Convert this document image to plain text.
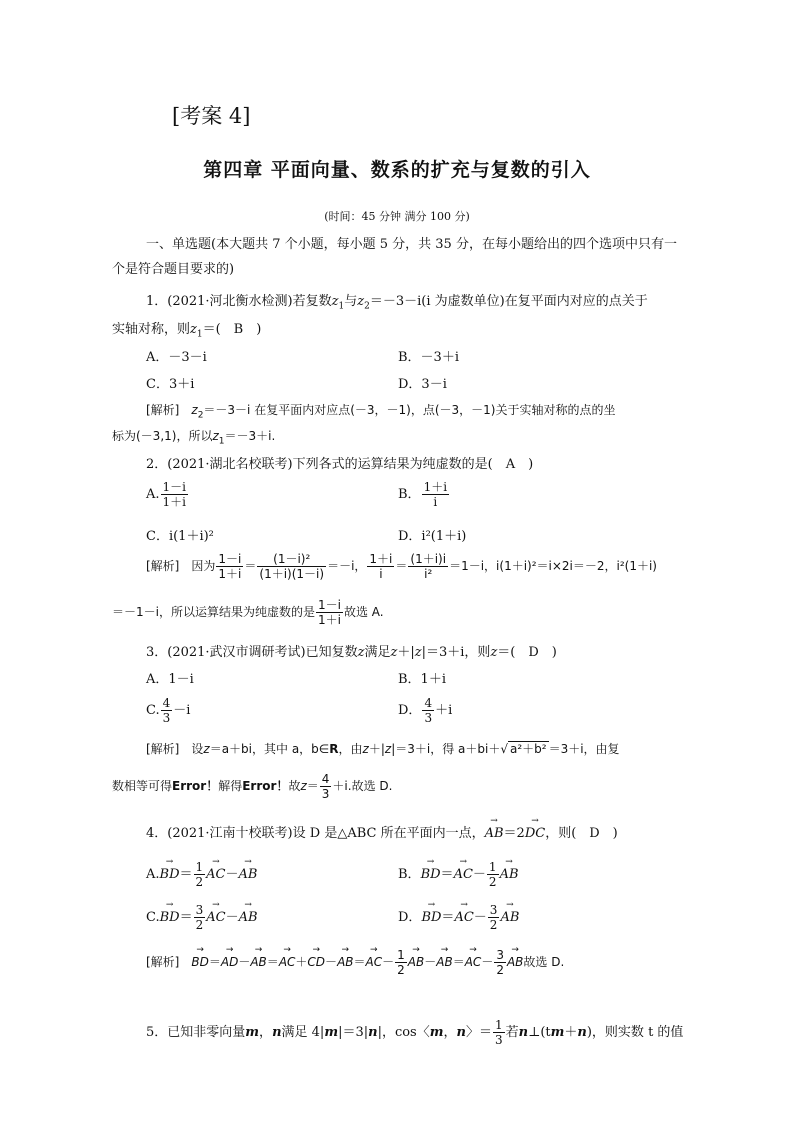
[考案 4]
第四章 平面向量、数系的扩充与复数的引入
(时间：45 分钟 满分 100 分)
一、单选题(本大题共 7 个小题，每小题 5 分，共 35 分，在每小题给出的四个选项中只有一个是符合题目要求的)
1．(2021·河北衡水检测)若复数$z_1$与$z_2=-3-i(i$ 为虚数单位)在复平面内对应的点关于
实轴对称，则$z_1=$(　B　)
A．－3－i	B．－3＋i
C．3＋i	D．3－i
[解析] $z_2=-3-i$ 在复平面内对应点(－3，－1)，点(－3，－1)关于实轴对称的点的坐
标为(－3,1)，所以$z_1=-3+i$.
2．(2021·湖北名校联考)下列各式的运算结果为纯虚数的是(　A　)
A. $\frac{1-i}{1+i}$	B． $\frac{1+i}{i}$
C．i(1＋i)²	D．i²(1＋i)
[解析] 因为 $\frac{1-i}{1+i} = \frac{\text{(1－i)²}}{(1+i)(1-i)} =-i$， $\frac{1+i}{i} = \frac{(1+i)i}{\text{i²}} =1-i$，i(1＋i)²＝i×2i＝－2，i²(1＋i)
＝－1－i，所以运算结果为纯虚数的是 $\frac{1-i}{1+i}$ 故选 A.
3．(2021·武汉市调研考试)已知复数z满足z＋|z|＝3＋i，则z＝(　D　)
A．1－i	B．1＋i
C. $\frac{4}{3} -i$	D． $\frac{4}{3} +i$
[解析] 设z＝a＋bi，其中 a，b∈R，由z＋|z|＝3＋i，得 a＋bi＋√ a²＋b² ＝3＋i，由复
数相等可得Error！解得Error！故$z= \frac{4}{3} +i$.故选 D.
4．(2021·江南十校联考)设 D 是△ABC 所在平面内一点，→ AB＝2→ DC，则(　D　)
$A.\to BD= \frac{1}{2}$
→ AC－→ AB	B．→ $BD=\to AC- \frac{1}{2}$
→ AB
$C.\to BD= \frac{3}{2}$
→ AC－→ AB	D．→ $BD=\to AC- \frac{3}{2}$
→ AB
[解析]→ $BD=\to AD-\to AB=\to AC+\to CD-\to AB=\to AC- \frac{1}{2}$
→ $AB-\to AB=\to AC- \frac{3}{2}$
→ AB故选 D.
5．已知非零向量m，n满足 4|m|＝3|n|，cos〈m，n〉＝ $\frac{1}{3}$ 若n⊥(tm＋n)，则实数 t 的值
